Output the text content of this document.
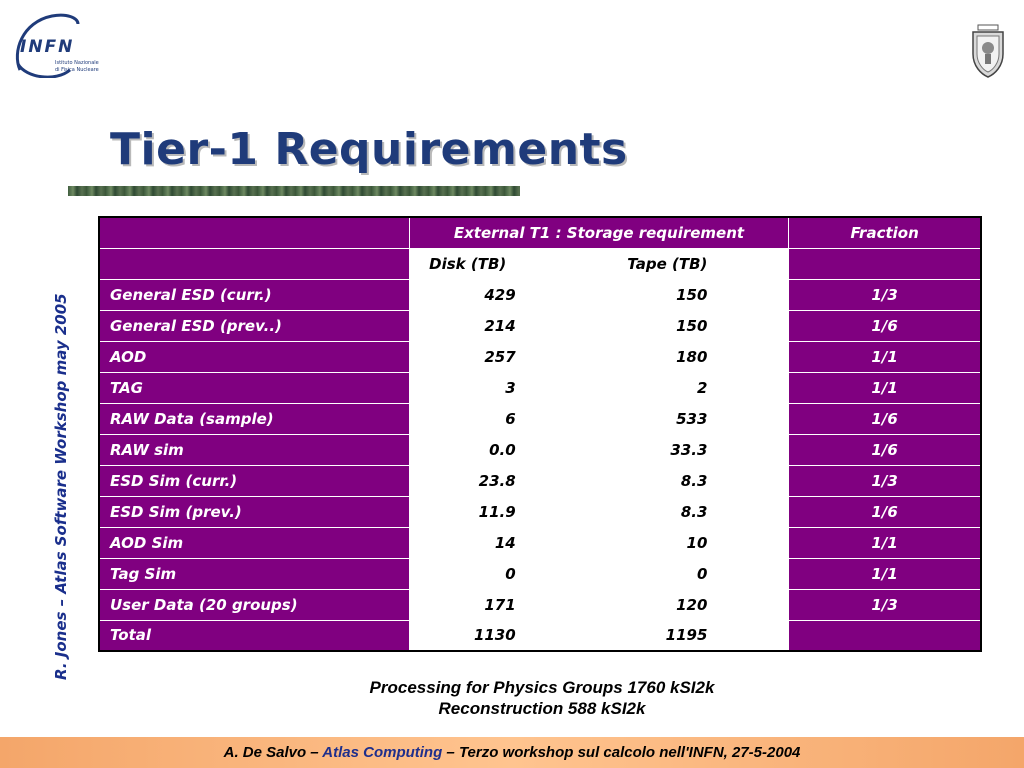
INFN
Istituto Nazionale
di Fisica Nucleare
Tier-1 Requirements
R. Jones – Atlas Software Workshop may 2005
	External T1 : Storage requirement			Fraction
	Disk (TB)	Tape (TB)		
General ESD (curr.)	429	150		1/3
General ESD (prev..)	214	150		1/6
AOD	257	180		1/1
TAG	3	2		1/1
RAW Data (sample)	6	533		1/6
RAW sim	0.0	33.3		1/6
ESD Sim (curr.)	23.8	8.3		1/3
ESD Sim (prev.)	11.9	8.3		1/6
AOD Sim	14	10		1/1
Tag Sim	0	0		1/1
User Data (20 groups)	171	120		1/3
Total	1130	1195		
Processing for Physics Groups 1760 kSI2k
Reconstruction 588 kSI2k
A. De Salvo – Atlas Computing – Terzo workshop sul calcolo nell'INFN, 27-5-2004
